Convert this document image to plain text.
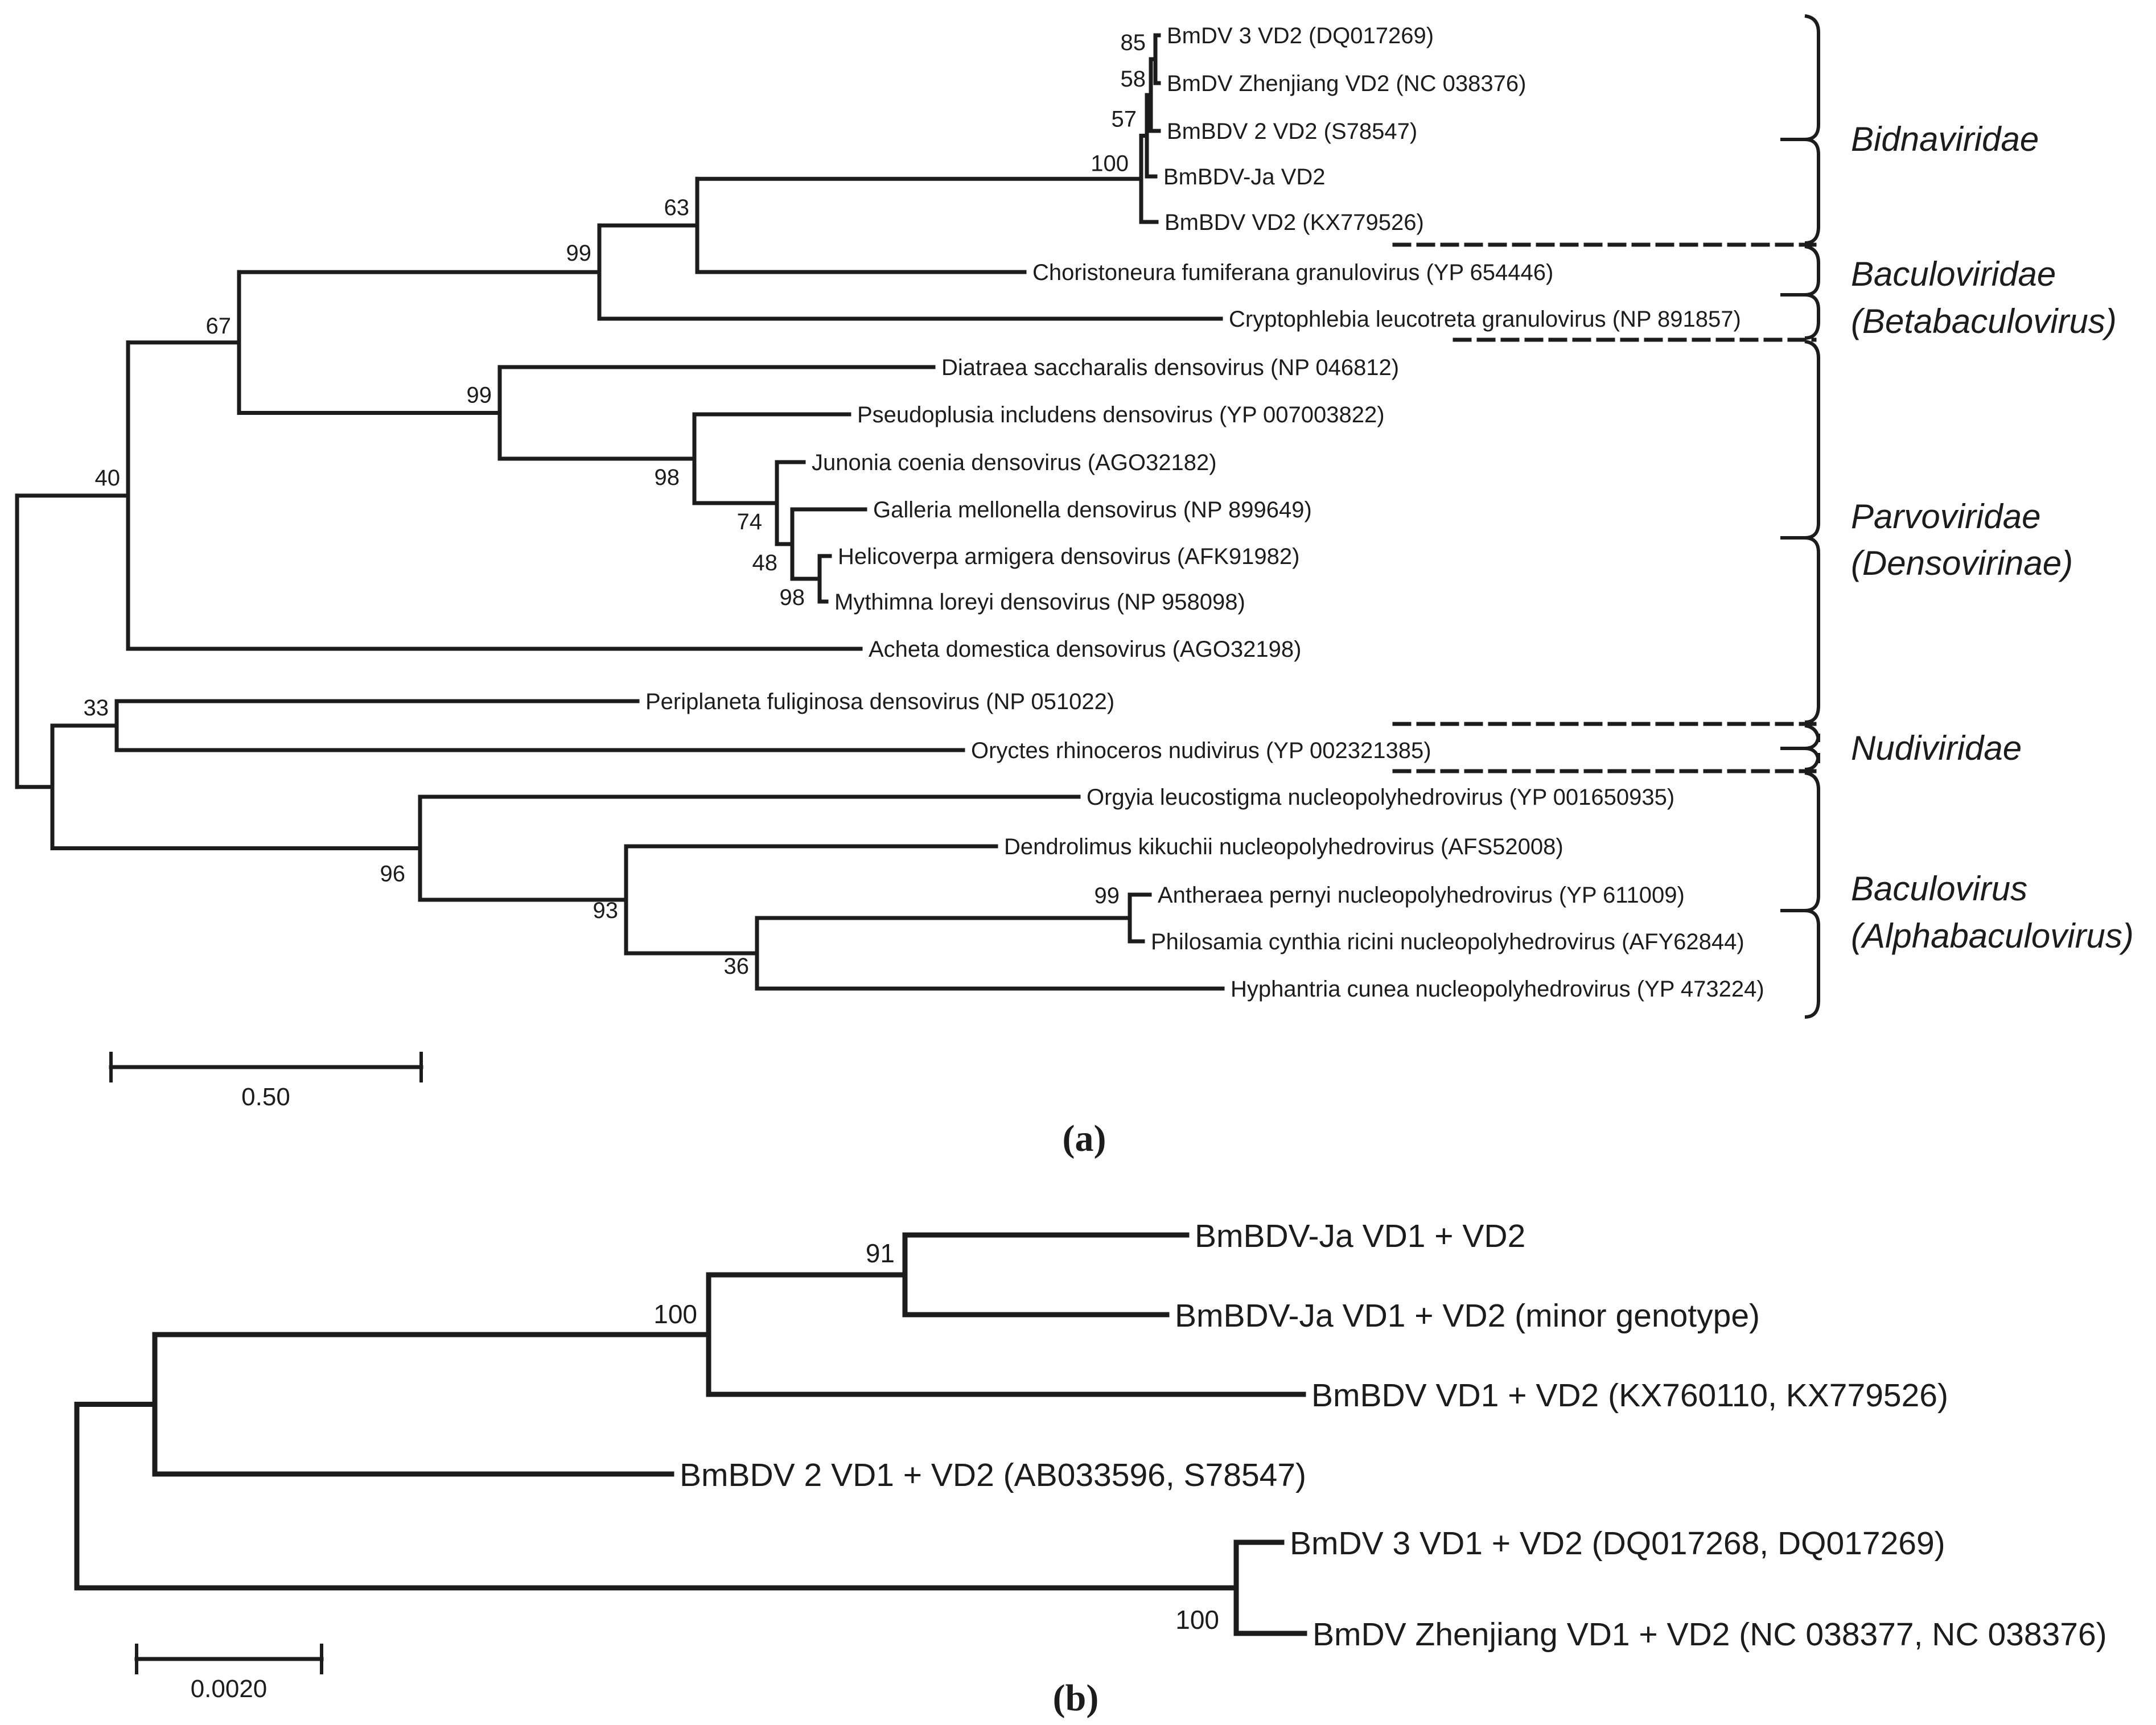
BmDV 3 VD2 (DQ017269)
BmDV Zhenjiang VD2 (NC 038376)
85
BmBDV 2 VD2 (S78547)
58
BmBDV-Ja VD2
57
BmBDV VD2 (KX779526)
100
Choristoneura fumiferana granulovirus (YP 654446)
63
Cryptophlebia leucotreta granulovirus (NP 891857)
99
Diatraea saccharalis densovirus (NP 046812)
Pseudoplusia includens densovirus (YP 007003822)
Junonia coenia densovirus (AGO32182)
Galleria mellonella densovirus (NP 899649)
Helicoverpa armigera densovirus (AFK91982)
Mythimna loreyi densovirus (NP 958098)
98
48
74
98
99
67
Acheta domestica densovirus (AGO32198)
40
Periplaneta fuliginosa densovirus (NP 051022)
Oryctes rhinoceros nudivirus (YP 002321385)
33
Orgyia leucostigma nucleopolyhedrovirus (YP 001650935)
Dendrolimus kikuchii nucleopolyhedrovirus (AFS52008)
Antheraea pernyi nucleopolyhedrovirus (YP 611009)
Philosamia cynthia ricini nucleopolyhedrovirus (AFY62844)
99
Hyphantria cunea nucleopolyhedrovirus (YP 473224)
36
93
96
BmBDV-Ja VD1 + VD2
BmBDV-Ja VD1 + VD2 (minor genotype)
91
BmBDV VD1 + VD2 (KX760110, KX779526)
100
BmBDV 2 VD1 + VD2 (AB033596, S78547)
BmDV 3 VD1 + VD2 (DQ017268, DQ017269)
BmDV Zhenjiang VD1 + VD2 (NC 038377, NC 038376)
100
Bidnaviridae
Baculoviridae
(Betabaculovirus)
Parvoviridae
(Densovirinae)
Nudiviridae
Baculovirus
(Alphabaculovirus)
(a)
(b)
0.50
0.0020
